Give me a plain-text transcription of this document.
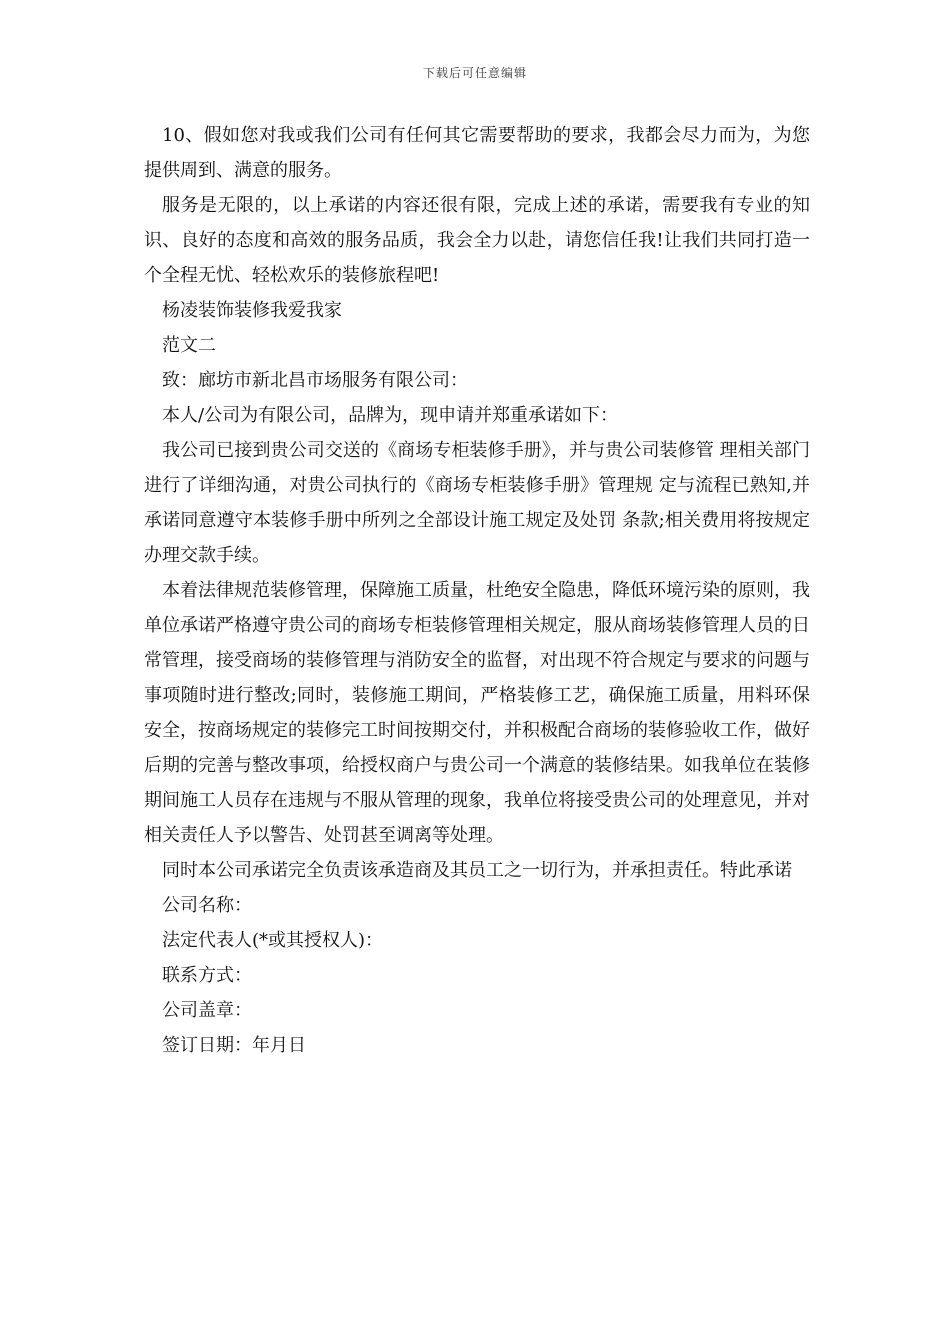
下载后可任意编辑

10、假如您对我或我们公司有任何其它需要帮助的要求，我都会尽力而为，为您提供周到、满意的服务。

服务是无限的，以上承诺的内容还很有限，完成上述的承诺，需要我有专业的知识、良好的态度和高效的服务品质，我会全力以赴，请您信任我!让我们共同打造一个全程无忧、轻松欢乐的装修旅程吧!

杨凌装饰装修我爱我家

范文二

致：廊坊市新北昌市场服务有限公司：

本人/公司为有限公司，品牌为，现申请并郑重承诺如下：

我公司已接到贵公司交送的《商场专柜装修手册》，并与贵公司装修管 理相关部门进行了详细沟通，对贵公司执行的《商场专柜装修手册》管理规 定与流程已熟知,并承诺同意遵守本装修手册中所列之全部设计施工规定及处罚 条款;相关费用将按规定办理交款手续。

本着法律规范装修管理，保障施工质量，杜绝安全隐患，降低环境污染的原则，我单位承诺严格遵守贵公司的商场专柜装修管理相关规定，服从商场装修管理人员的日常管理，接受商场的装修管理与消防安全的监督，对出现不符合规定与要求的问题与事项随时进行整改;同时，装修施工期间，严格装修工艺，确保施工质量，用料环保安全，按商场规定的装修完工时间按期交付，并积极配合商场的装修验收工作，做好后期的完善与整改事项，给授权商户与贵公司一个满意的装修结果。如我单位在装修期间施工人员存在违规与不服从管理的现象，我单位将接受贵公司的处理意见，并对相关责任人予以警告、处罚甚至调离等处理。

同时本公司承诺完全负责该承造商及其员工之一切行为，并承担责任。特此承诺

公司名称：

法定代表人(*或其授权人)：

联系方式：

公司盖章：

签订日期：年月日
